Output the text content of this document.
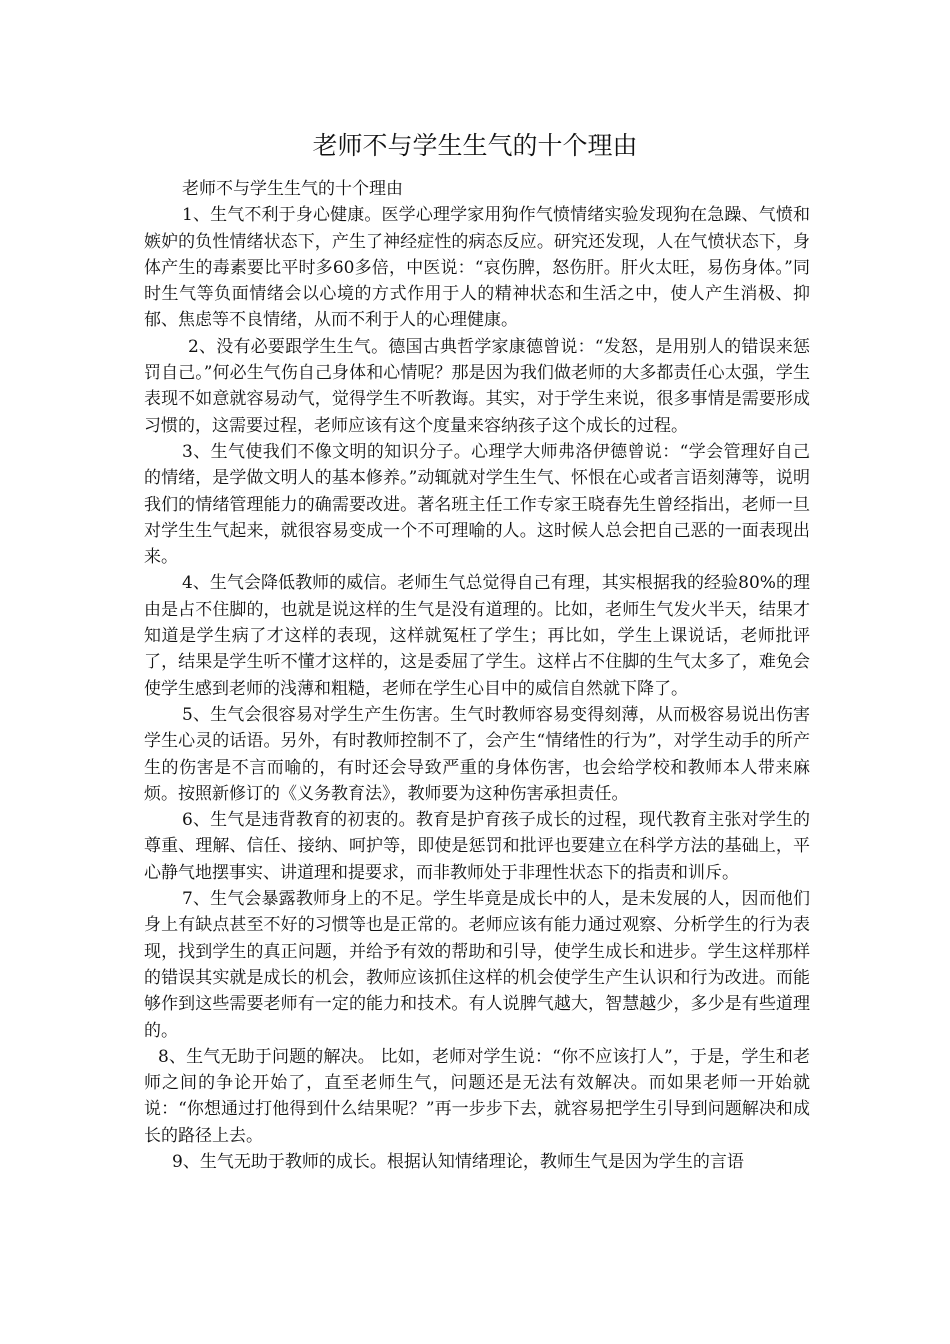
老师不与学生生气的十个理由

老师不与学生生气的十个理由

1、生气不利于身心健康。医学心理学家用狗作气愤情绪实验发现狗在急躁、气愤和嫉妒的负性情绪状态下，产生了神经症性的病态反应。研究还发现，人在气愤状态下，身体产生的毒素要比平时多60多倍，中医说：“哀伤脾，怒伤肝。肝火太旺，易伤身体。”同时生气等负面情绪会以心境的方式作用于人的精神状态和生活之中，使人产生消极、抑郁、焦虑等不良情绪，从而不利于人的心理健康。

2、没有必要跟学生生气。德国古典哲学家康德曾说：“发怒，是用别人的错误来惩罚自己。”何必生气伤自己身体和心情呢？那是因为我们做老师的大多都责任心太强，学生表现不如意就容易动气，觉得学生不听教诲。其实，对于学生来说，很多事情是需要形成习惯的，这需要过程，老师应该有这个度量来容纳孩子这个成长的过程。

3、生气使我们不像文明的知识分子。心理学大师弗洛伊德曾说：“学会管理好自己的情绪，是学做文明人的基本修养。”动辄就对学生生气、怀恨在心或者言语刻薄等，说明我们的情绪管理能力的确需要改进。著名班主任工作专家王晓春先生曾经指出，老师一旦对学生生气起来，就很容易变成一个不可理喻的人。这时候人总会把自己恶的一面表现出来。

4、生气会降低教师的威信。老师生气总觉得自己有理，其实根据我的经验80%的理由是占不住脚的，也就是说这样的生气是没有道理的。比如，老师生气发火半天，结果才知道是学生病了才这样的表现，这样就冤枉了学生；再比如，学生上课说话，老师批评了，结果是学生听不懂才这样的，这是委屈了学生。这样占不住脚的生气太多了，难免会使学生感到老师的浅薄和粗糙，老师在学生心目中的威信自然就下降了。

5、生气会很容易对学生产生伤害。生气时教师容易变得刻薄，从而极容易说出伤害学生心灵的话语。另外，有时教师控制不了，会产生“情绪性的行为”，对学生动手的所产生的伤害是不言而喻的，有时还会导致严重的身体伤害，也会给学校和教师本人带来麻烦。按照新修订的《义务教育法》，教师要为这种伤害承担责任。

6、生气是违背教育的初衷的。教育是护育孩子成长的过程，现代教育主张对学生的尊重、理解、信任、接纳、呵护等，即使是惩罚和批评也要建立在科学方法的基础上，平心静气地摆事实、讲道理和提要求，而非教师处于非理性状态下的指责和训斥。

7、生气会暴露教师身上的不足。学生毕竟是成长中的人，是未发展的人，因而他们身上有缺点甚至不好的习惯等也是正常的。老师应该有能力通过观察、分析学生的行为表现，找到学生的真正问题，并给予有效的帮助和引导，使学生成长和进步。学生这样那样的错误其实就是成长的机会，教师应该抓住这样的机会使学生产生认识和行为改进。而能够作到这些需要老师有一定的能力和技术。有人说脾气越大，智慧越少，多少是有些道理的。

8、生气无助于问题的解决。 比如，老师对学生说：“你不应该打人”，于是，学生和老师之间的争论开始了，直至老师生气，问题还是无法有效解决。而如果老师一开始就说：“你想通过打他得到什么结果呢？”再一步步下去，就容易把学生引导到问题解决和成长的路径上去。

9、生气无助于教师的成长。根据认知情绪理论，教师生气是因为学生的言语
